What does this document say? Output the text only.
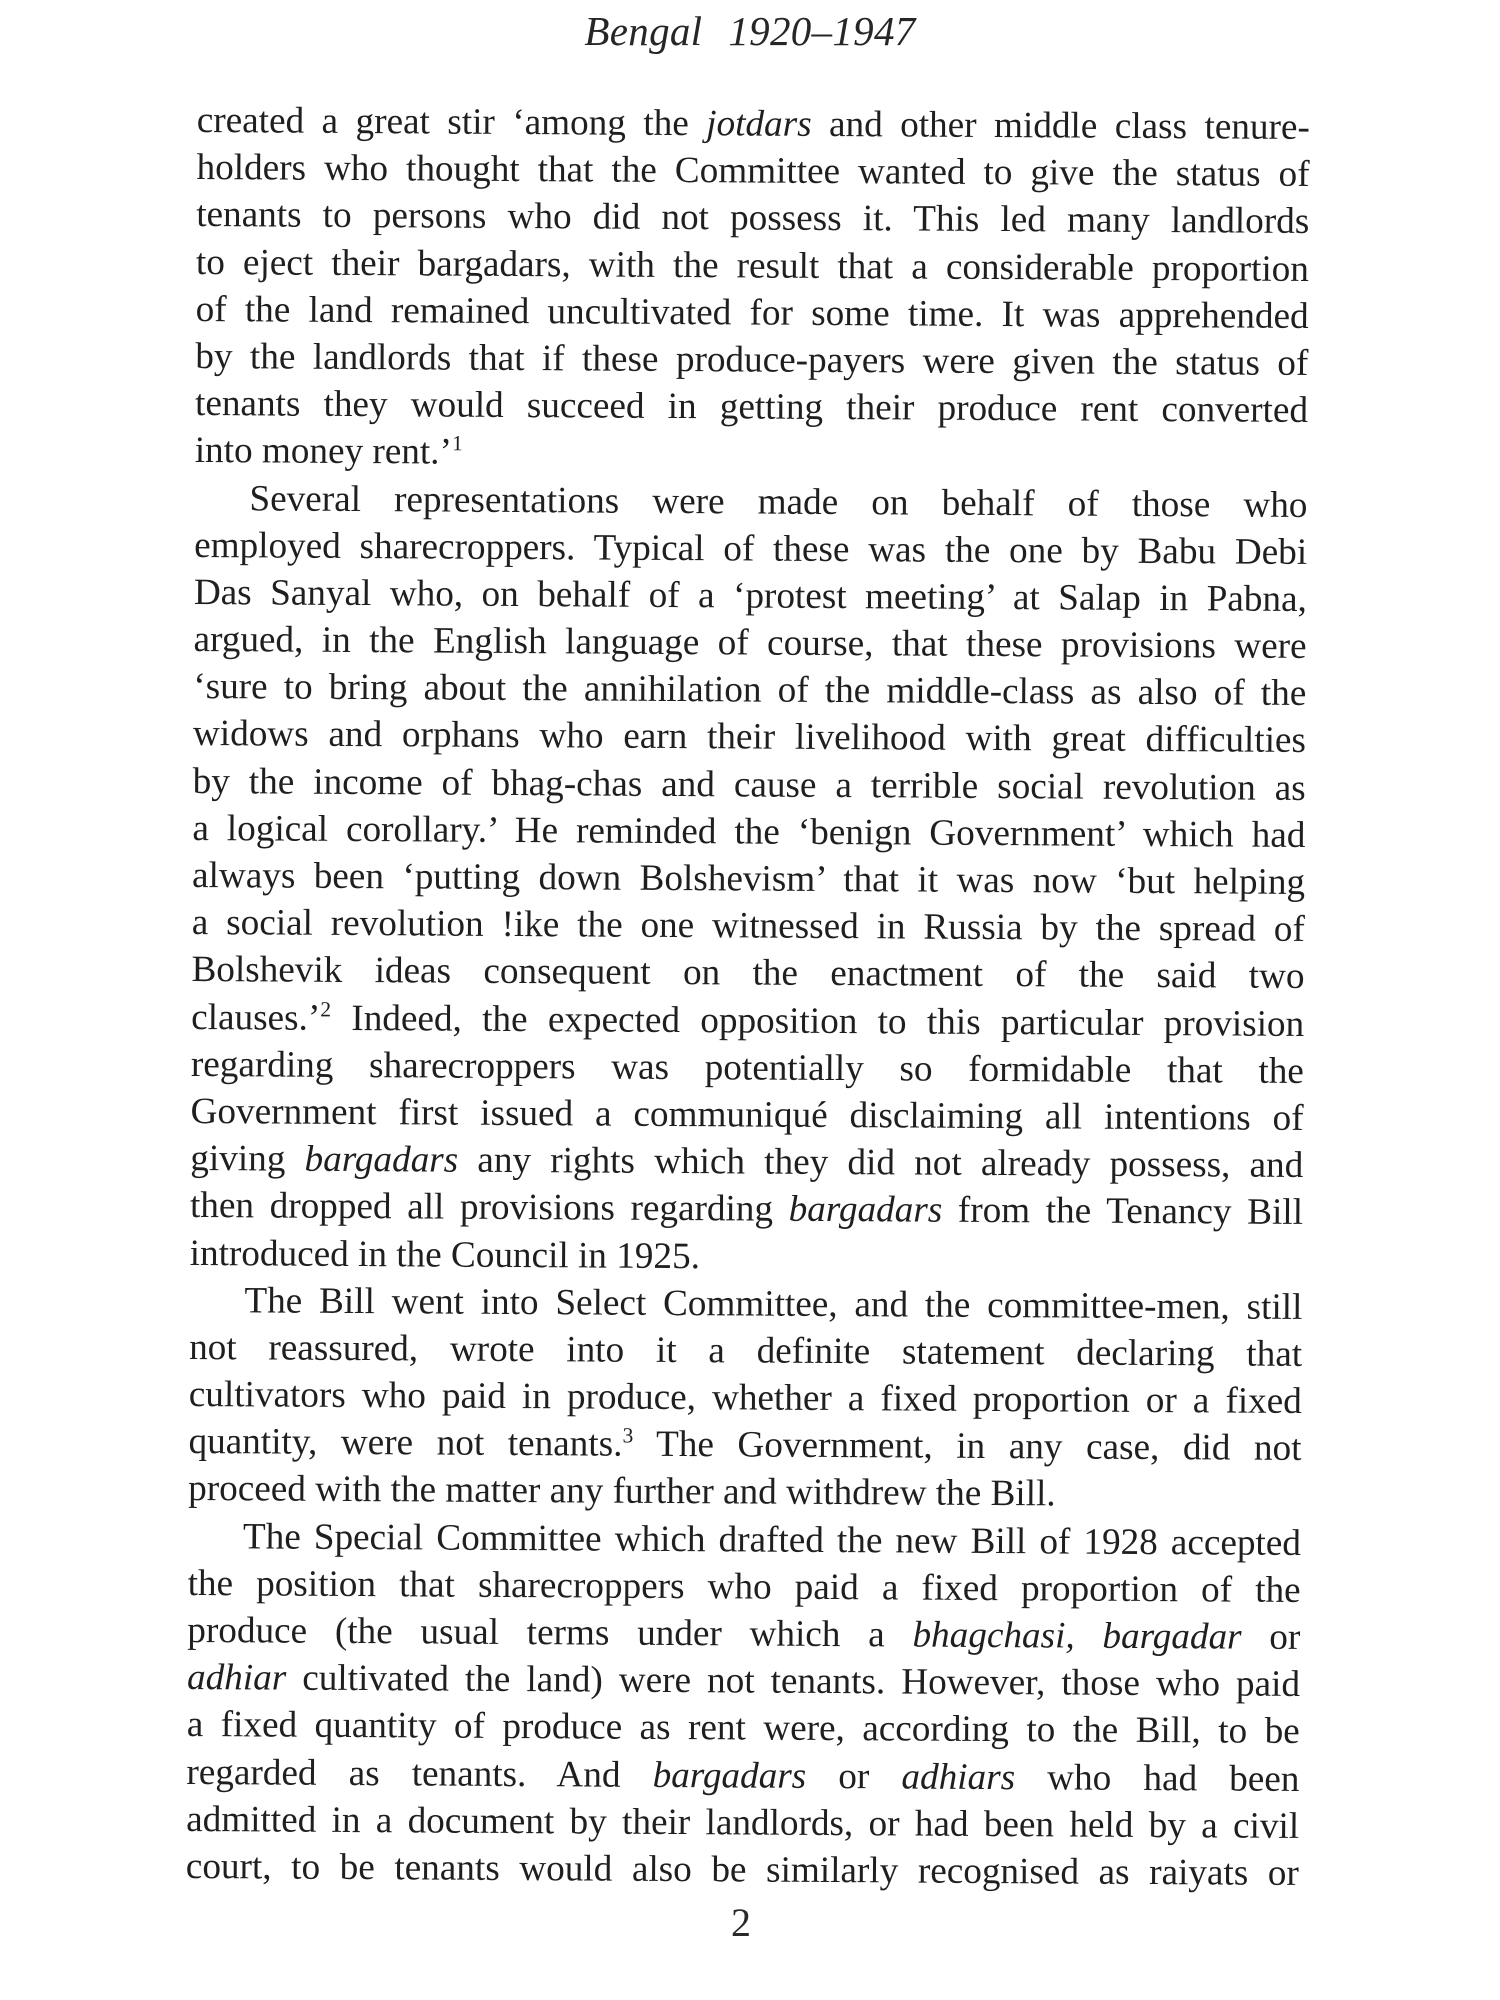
Bengal 1920–1947
created a great stir ‘among the jotdars and other middle class tenure-
holders who thought that the Committee wanted to give the status of
tenants to persons who did not possess it. This led many landlords
to eject their bargadars, with the result that a considerable proportion
of the land remained uncultivated for some time. It was apprehended
by the landlords that if these produce-payers were given the status of
tenants they would succeed in getting their produce rent converted
into money rent.’$^1$
Several representations were made on behalf of those who
employed sharecroppers. Typical of these was the one by Babu Debi
Das Sanyal who, on behalf of a ‘protest meeting’ at Salap in Pabna,
argued, in the English language of course, that these provisions were
‘sure to bring about the annihilation of the middle-class as also of the
widows and orphans who earn their livelihood with great difficulties
by the income of bhag-chas and cause a terrible social revolution as
a logical corollary.’ He reminded the ‘benign Government’ which had
always been ‘putting down Bolshevism’ that it was now ‘but helping
a social revolution !ike the one witnessed in Russia by the spread of
Bolshevik ideas consequent on the enactment of the said two
clauses.’$^2$ Indeed, the expected opposition to this particular provision
regarding sharecroppers was potentially so formidable that the
Government first issued a communiqué disclaiming all intentions of
giving bargadars any rights which they did not already possess, and
then dropped all provisions regarding bargadars from the Tenancy Bill
introduced in the Council in 1925.
The Bill went into Select Committee, and the committee-men, still
not reassured, wrote into it a definite statement declaring that
cultivators who paid in produce, whether a fixed proportion or a fixed
quantity, were not tenants.$^3$ The Government, in any case, did not
proceed with the matter any further and withdrew the Bill.
The Special Committee which drafted the new Bill of 1928 accepted
the position that sharecroppers who paid a fixed proportion of the
produce (the usual terms under which a bhagchasi, bargadar or
adhiar cultivated the land) were not tenants. However, those who paid
a fixed quantity of produce as rent were, according to the Bill, to be
regarded as tenants. And bargadars or adhiars who had been
admitted in a document by their landlords, or had been held by a civil
court, to be tenants would also be similarly recognised as raiyats or
2
